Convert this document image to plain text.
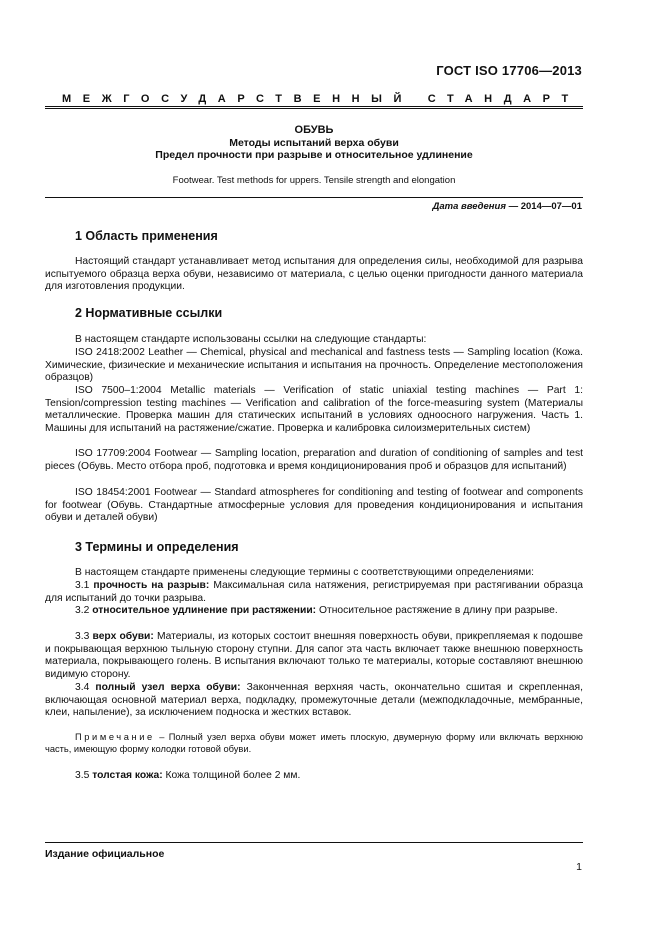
ГОСТ ISO 17706—2013
МЕЖГОСУДАРСТВЕННЫЙ СТАНДАРТ
ОБУВЬ
Методы испытаний верха обуви
Предел прочности при разрыве и относительное удлинение
Footwear. Test methods for uppers. Tensile strength and elongation
Дата введения — 2014—07—01
1 Область применения

Настоящий стандарт устанавливает метод испытания для определения силы, необходимой для разрыва испытуемого образца верха обуви, независимо от материала, с целью оценки пригодности данного материала для изготовления продукции.

2 Нормативные ссылки

В настоящем стандарте использованы ссылки на следующие стандарты:

ISO 2418:2002 Leather — Chemical, physical and mechanical and fastness tests — Sampling location (Кожа. Химические, физические и механические испытания и испытания на прочность. Определение местоположения образцов)

ISO 7500–1:2004 Metallic materials — Verification of static uniaxial testing machines — Part 1: Tension/compression testing machines — Verification and calibration of the force-measuring system (Материалы металлические. Проверка машин для статических испытаний в условиях одноосного нагружения. Часть 1. Машины для испытаний на растяжение/сжатие. Проверка и калибровка силоизмерительных систем)

ISO 17709:2004 Footwear — Sampling location, preparation and duration of conditioning of samples and test pieces (Обувь. Место отбора проб, подготовка и время кондиционирования проб и образцов для испытаний)

ISO 18454:2001 Footwear — Standard atmospheres for conditioning and testing of footwear and components for footwear (Обувь. Стандартные атмосферные условия для проведения кондиционирования и испытания обуви и деталей обуви)

3 Термины и определения

В настоящем стандарте применены следующие термины с соответствующими определениями:

3.1 прочность на разрыв: Максимальная сила натяжения, регистрируемая при растягивании образца для испытаний до точки разрыва.

3.2 относительное удлинение при растяжении: Относительное растяжение в длину при разрыве.

3.3 верх обуви: Материалы, из которых состоит внешняя поверхность обуви, прикрепляемая к подошве и покрывающая верхнюю тыльную сторону ступни. Для сапог эта часть включает также внешнюю поверхность материала, покрывающего голень. В испытания включают только те материалы, которые составляют внешнюю видимую сторону.

3.4 полный узел верха обуви: Законченная верхняя часть, окончательно сшитая и скрепленная, включающая основной материал верха, подкладку, промежуточные детали (межподкладочные, мембранные, клеи, напыление), за исключением подноска и жестких вставок.

Примечание – Полный узел верха обуви может иметь плоскую, двумерную форму или включать верхнюю часть, имеющую форму колодки готовой обуви.

3.5 толстая кожа: Кожа толщиной более 2 мм.

Издание официальное
1
